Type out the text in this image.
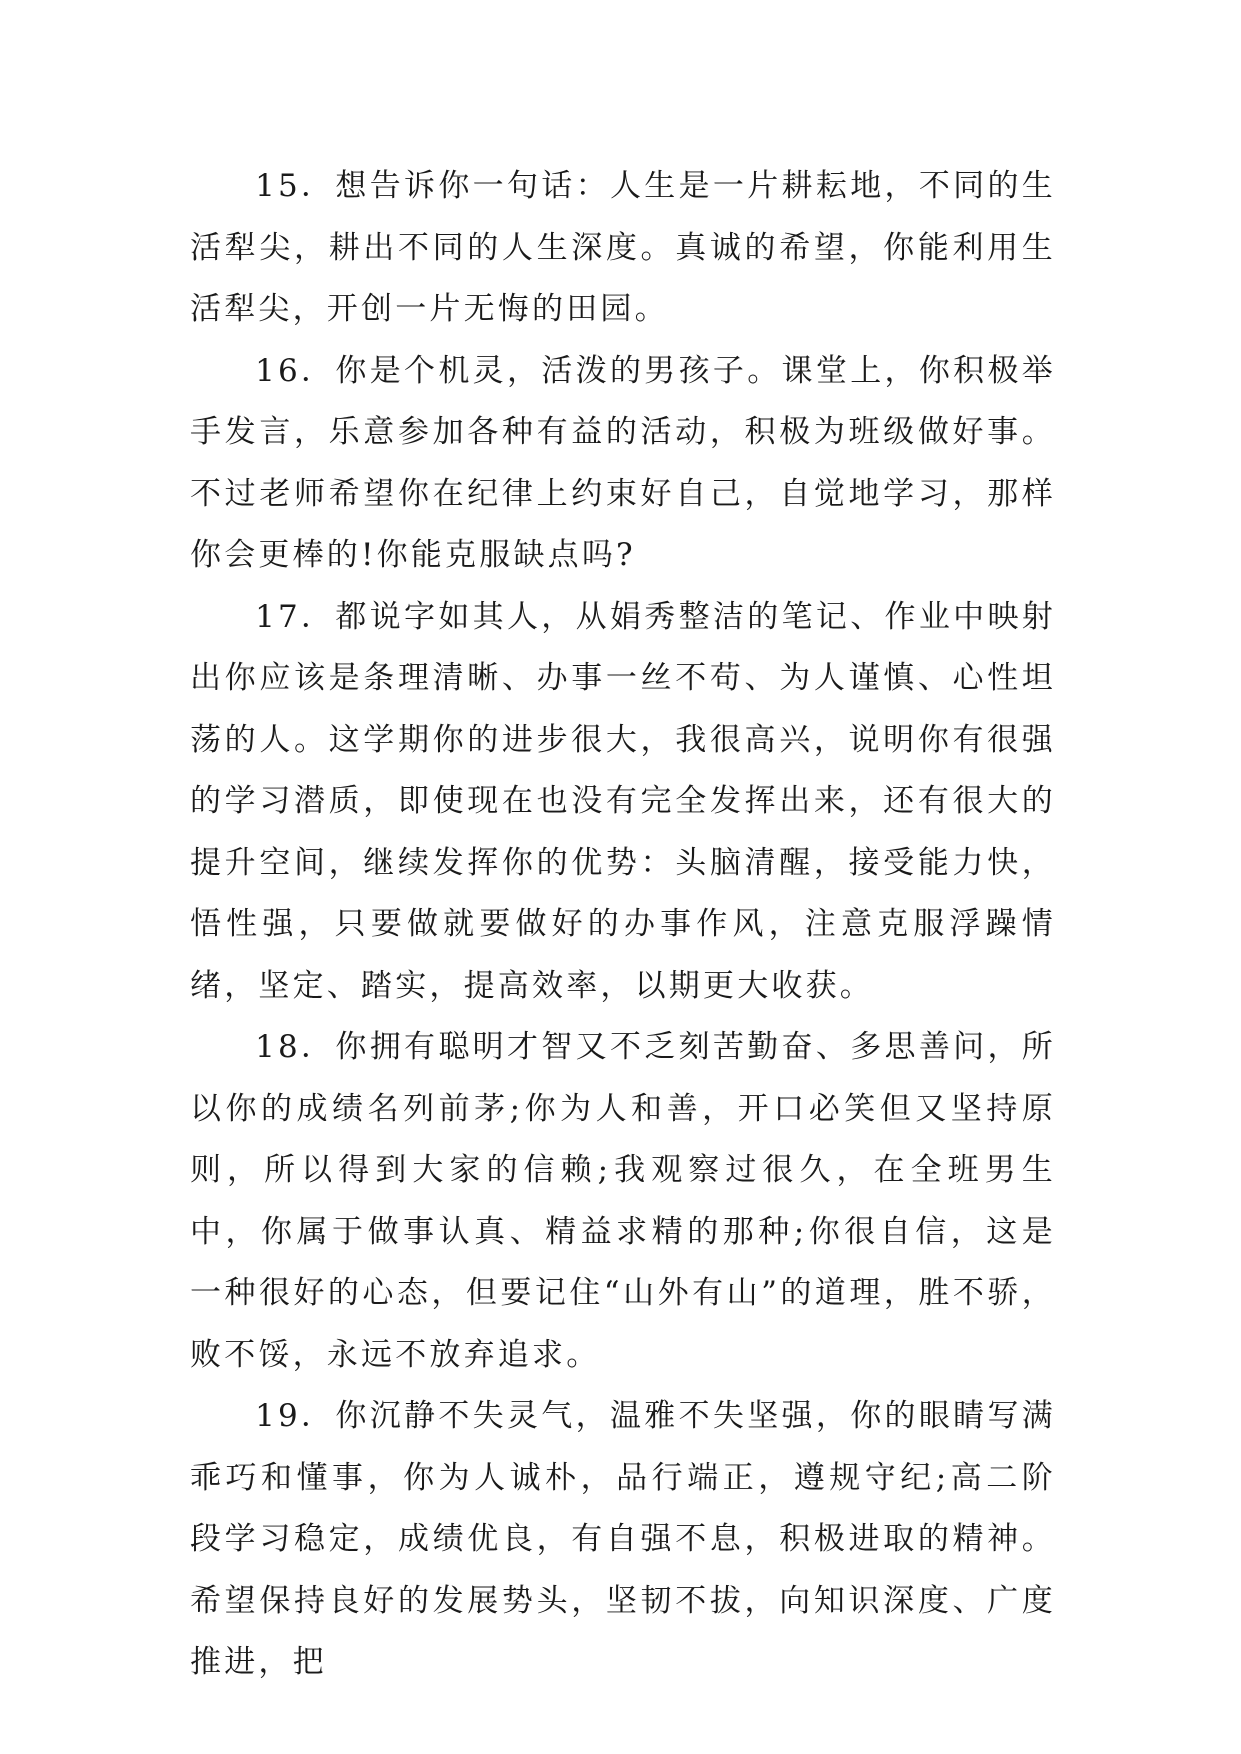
15．想告诉你一句话：人生是一片耕耘地，不同的生活犁尖，耕出不同的人生深度。真诚的希望，你能利用生活犁尖，开创一片无悔的田园。

16．你是个机灵，活泼的男孩子。课堂上，你积极举手发言，乐意参加各种有益的活动，积极为班级做好事。不过老师希望你在纪律上约束好自己，自觉地学习，那样你会更棒的!你能克服缺点吗?

17．都说字如其人，从娟秀整洁的笔记、作业中映射出你应该是条理清晰、办事一丝不苟、为人谨慎、心性坦荡的人。这学期你的进步很大，我很高兴，说明你有很强的学习潜质，即使现在也没有完全发挥出来，还有很大的提升空间，继续发挥你的优势：头脑清醒，接受能力快，悟性强，只要做就要做好的办事作风，注意克服浮躁情绪，坚定、踏实，提高效率，以期更大收获。

18．你拥有聪明才智又不乏刻苦勤奋、多思善问，所以你的成绩名列前茅;你为人和善，开口必笑但又坚持原则，所以得到大家的信赖;我观察过很久，在全班男生中，你属于做事认真、精益求精的那种;你很自信，这是一种很好的心态，但要记住“山外有山”的道理，胜不骄，败不馁，永远不放弃追求。

19．你沉静不失灵气，温雅不失坚强，你的眼睛写满乖巧和懂事，你为人诚朴，品行端正，遵规守纪;高二阶段学习稳定，成绩优良，有自强不息，积极进取的精神。希望保持良好的发展势头，坚韧不拔，向知识深度、广度推进，把
